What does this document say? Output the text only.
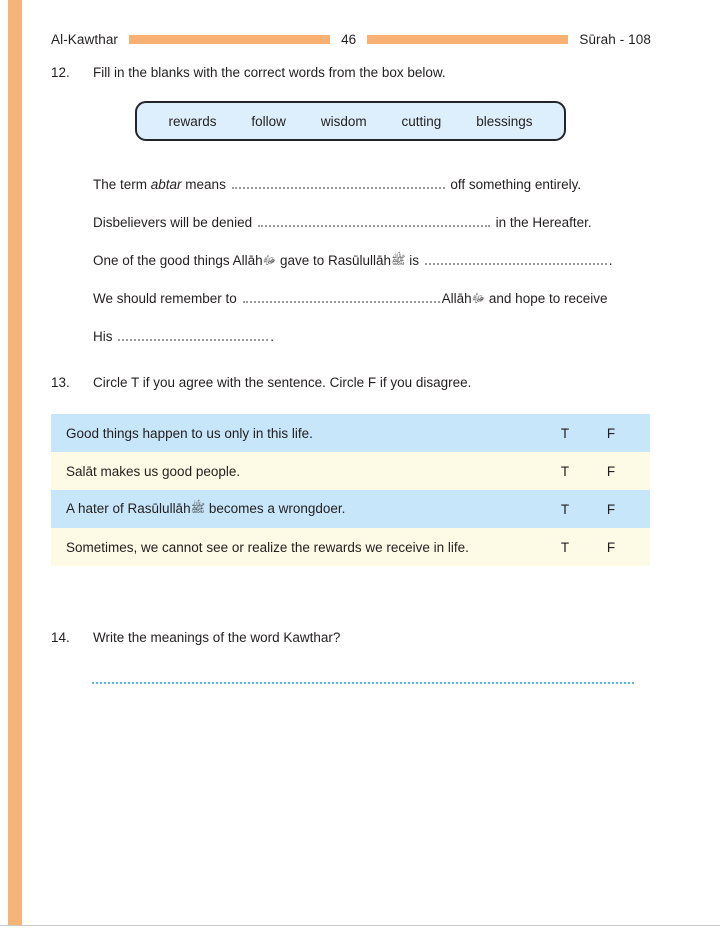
Al-Kawthar	46	Sūrah - 108
12.	Fill in the blanks with the correct words from the box below.
rewards	follow	wisdom	cutting	blessings
The term abtar means	off something entirely.
Disbelievers will be denied	in the Hereafter.
One of the good things Allāhﷻ gave to Rasūlullāhﷺ is	.
We should remember to	Allāhﷻ and hope to receive
His	.
13.	Circle T if you agree with the sentence. Circle F if you disagree.
Good things happen to us only in this life.	T	F
Salāt makes us good people.	T	F
A hater of Rasūlullāhﷺ becomes a wrongdoer.	T	F
Sometimes, we cannot see or realize the rewards we receive in life.	T	F
14.	Write the meanings of the word Kawthar?
